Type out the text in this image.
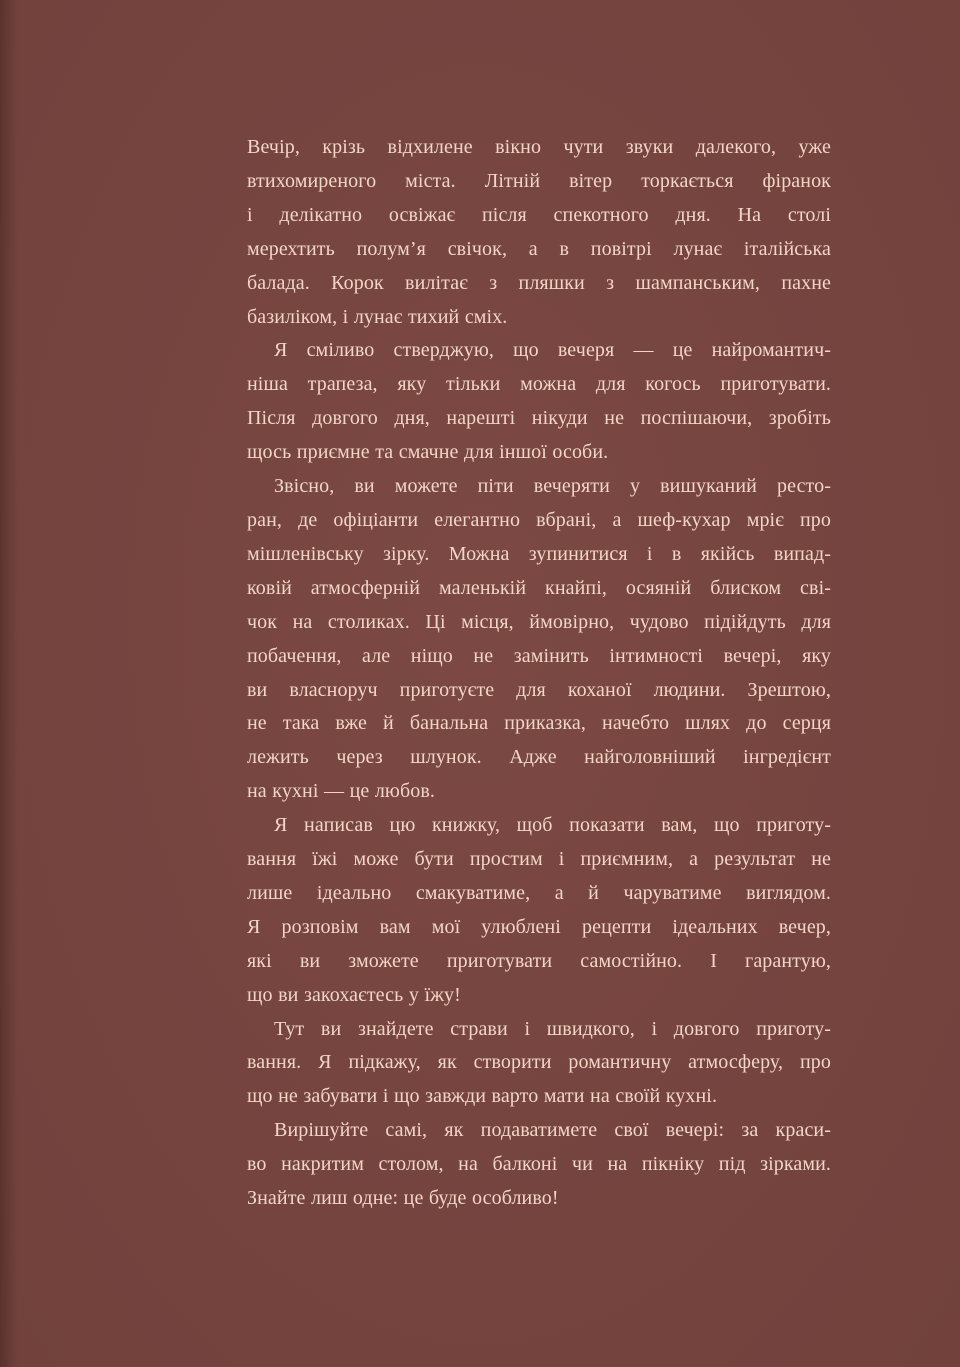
Вечір, крізь відхилене вікно чути звуки далекого, уже
втихомиреного міста. Літній вітер торкається фіранок
і делікатно освіжає після спекотного дня. На столі
мерехтить полум’я свічок, а в повітрі лунає італійська
балада. Корок вилітає з пляшки з шампанським, пахне
базиліком, і лунає тихий сміх.
Я сміливо стверджую, що вечеря — це найромантич-
ніша трапеза, яку тільки можна для когось приготувати.
Після довгого дня, нарешті нікуди не поспішаючи, зробіть
щось приємне та смачне для іншої особи.
Звісно, ви можете піти вечеряти у вишуканий ресто-
ран, де офіціанти елегантно вбрані, а шеф-кухар мріє про
мішленівську зірку. Можна зупинитися і в якійсь випад-
ковій атмосферній маленькій кнайпі, осяяній блиском сві-
чок на столиках. Ці місця, ймовірно, чудово підійдуть для
побачення, але ніщо не замінить інтимності вечері, яку
ви власноруч приготуєте для коханої людини. Зрештою,
не така вже й банальна приказка, начебто шлях до серця
лежить через шлунок. Адже найголовніший інгредієнт
на кухні — це любов.
Я написав цю книжку, щоб показати вам, що приготу-
вання їжі може бути простим і приємним, а результат не
лише ідеально смакуватиме, а й чаруватиме виглядом.
Я розповім вам мої улюблені рецепти ідеальних вечер,
які ви зможете приготувати самостійно. І гарантую,
що ви закохаєтесь у їжу!
Тут ви знайдете страви і швидкого, і довгого приготу-
вання. Я підкажу, як створити романтичну атмосферу, про
що не забувати і що завжди варто мати на своїй кухні.
Вирішуйте самі, як подаватимете свої вечері: за краси-
во накритим столом, на балконі чи на пікніку під зірками.
Знайте лиш одне: це буде особливо!
